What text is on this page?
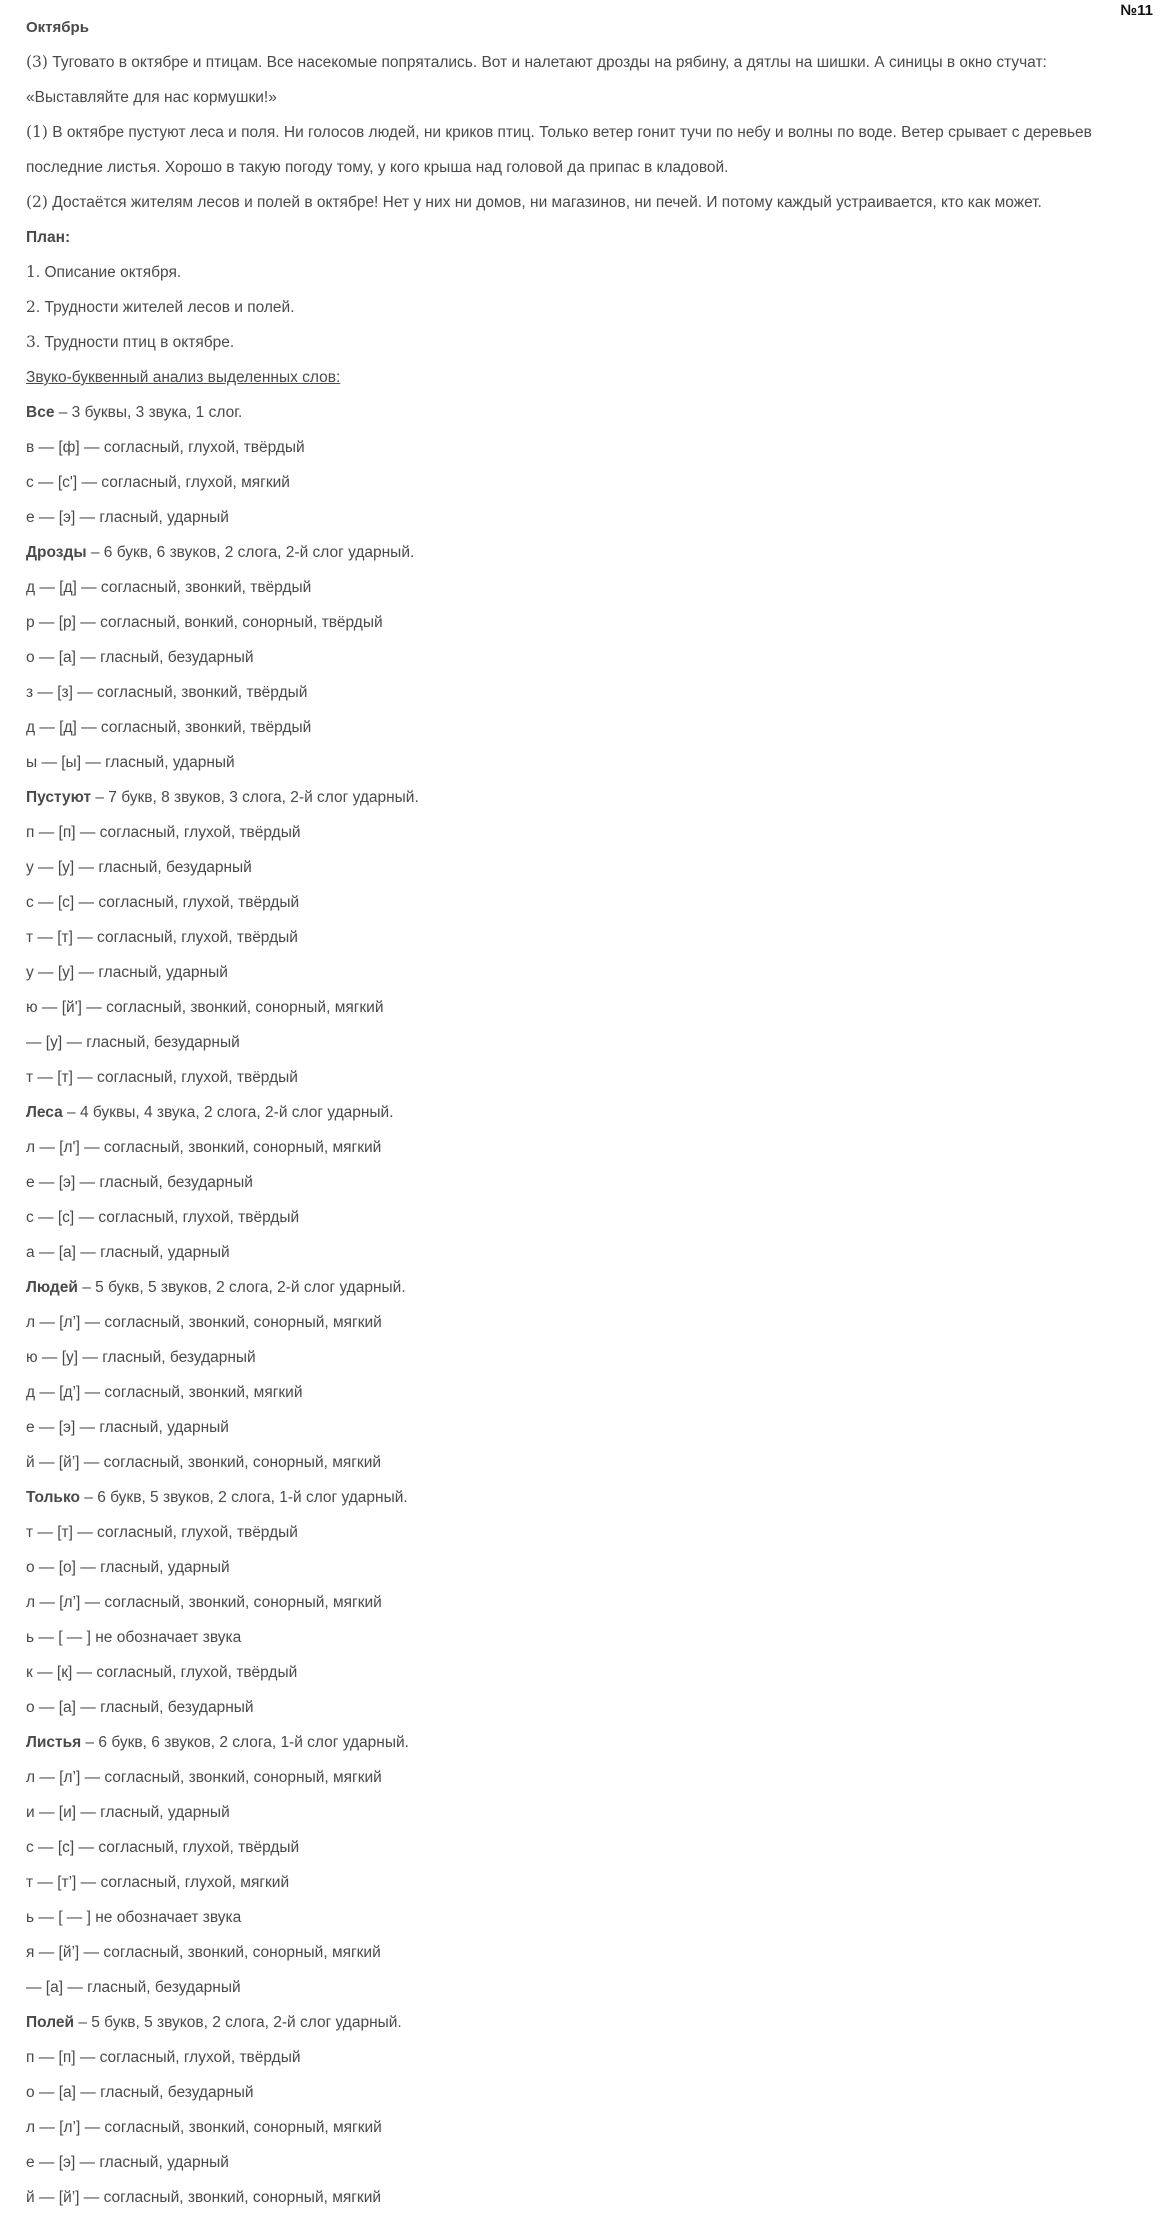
№11
Октябрь
(3) Туговато в октябре и птицам. Все насекомые попрятались. Вот и налетают дрозды на рябину, а дятлы на шишки. А синицы в окно стучат: «Выставляйте для нас кормушки!»
(1) В октябре пустуют леса и поля. Ни голосов людей, ни криков птиц. Только ветер гонит тучи по небу и волны по воде. Ветер срывает с деревьев последние листья. Хорошо в такую погоду тому, у кого крыша над головой да припас в кладовой.
(2) Достаётся жителям лесов и полей в октябре! Нет у них ни домов, ни магазинов, ни печей. И потому каждый устраивается, кто как может.
План:
1. Описание октября.
2. Трудности жителей лесов и полей.
3. Трудности птиц в октябре.
Звуко-буквенный анализ выделенных слов:
Все – 3 буквы, 3 звука, 1 слог.
в — [ф] — согласный, глухой, твёрдый
с — [с'] — согласный, глухой, мягкий
е — [э] — гласный, ударный
Дрозды – 6 букв, 6 звуков, 2 слога, 2-й слог ударный.
д — [д] — согласный, звонкий, твёрдый
р — [р] — согласный, вонкий, сонорный, твёрдый
о — [а] — гласный, безударный
з — [з] — согласный, звонкий, твёрдый
д — [д] — согласный, звонкий, твёрдый
ы — [ы] — гласный, ударный
Пустуют – 7 букв, 8 звуков, 3 слога, 2-й слог ударный.
п — [п] — согласный, глухой, твёрдый
у — [у] — гласный, безударный
с — [с] — согласный, глухой, твёрдый
т — [т] — согласный, глухой, твёрдый
у — [у] — гласный, ударный
ю — [й'] — согласный, звонкий, сонорный, мягкий
— [у] — гласный, безударный
т — [т] — согласный, глухой, твёрдый
Леса – 4 буквы, 4 звука, 2 слога, 2-й слог ударный.
л — [л'] — согласный, звонкий, сонорный, мягкий
е — [э] — гласный, безударный
с — [с] — согласный, глухой, твёрдый
а — [а] — гласный, ударный
Людей – 5 букв, 5 звуков, 2 слога, 2-й слог ударный.
л — [л’] — согласный, звонкий, сонорный, мягкий
ю — [у] — гласный, безударный
д — [д’] — согласный, звонкий, мягкий
е — [э] — гласный, ударный
й — [й’] — согласный, звонкий, сонорный, мягкий
Только – 6 букв, 5 звуков, 2 слога, 1-й слог ударный.
т — [т] — согласный, глухой, твёрдый
о — [о] — гласный, ударный
л — [л’] — согласный, звонкий, сонорный, мягкий
ь — [ — ] не обозначает звука
к — [к] — согласный, глухой, твёрдый
о — [а] — гласный, безударный
Листья – 6 букв, 6 звуков, 2 слога, 1-й слог ударный.
л — [л’] — согласный, звонкий, сонорный, мягкий
и — [и] — гласный, ударный
с — [с] — согласный, глухой, твёрдый
т — [т’] — согласный, глухой, мягкий
ь — [ — ] не обозначает звука
я — [й’] — согласный, звонкий, сонорный, мягкий
— [а] — гласный, безударный
Полей – 5 букв, 5 звуков, 2 слога, 2-й слог ударный.
п — [п] — согласный, глухой, твёрдый
о — [а] — гласный, безударный
л — [л’] — согласный, звонкий, сонорный, мягкий
е — [э] — гласный, ударный
й — [й’] — согласный, звонкий, сонорный, мягкий
